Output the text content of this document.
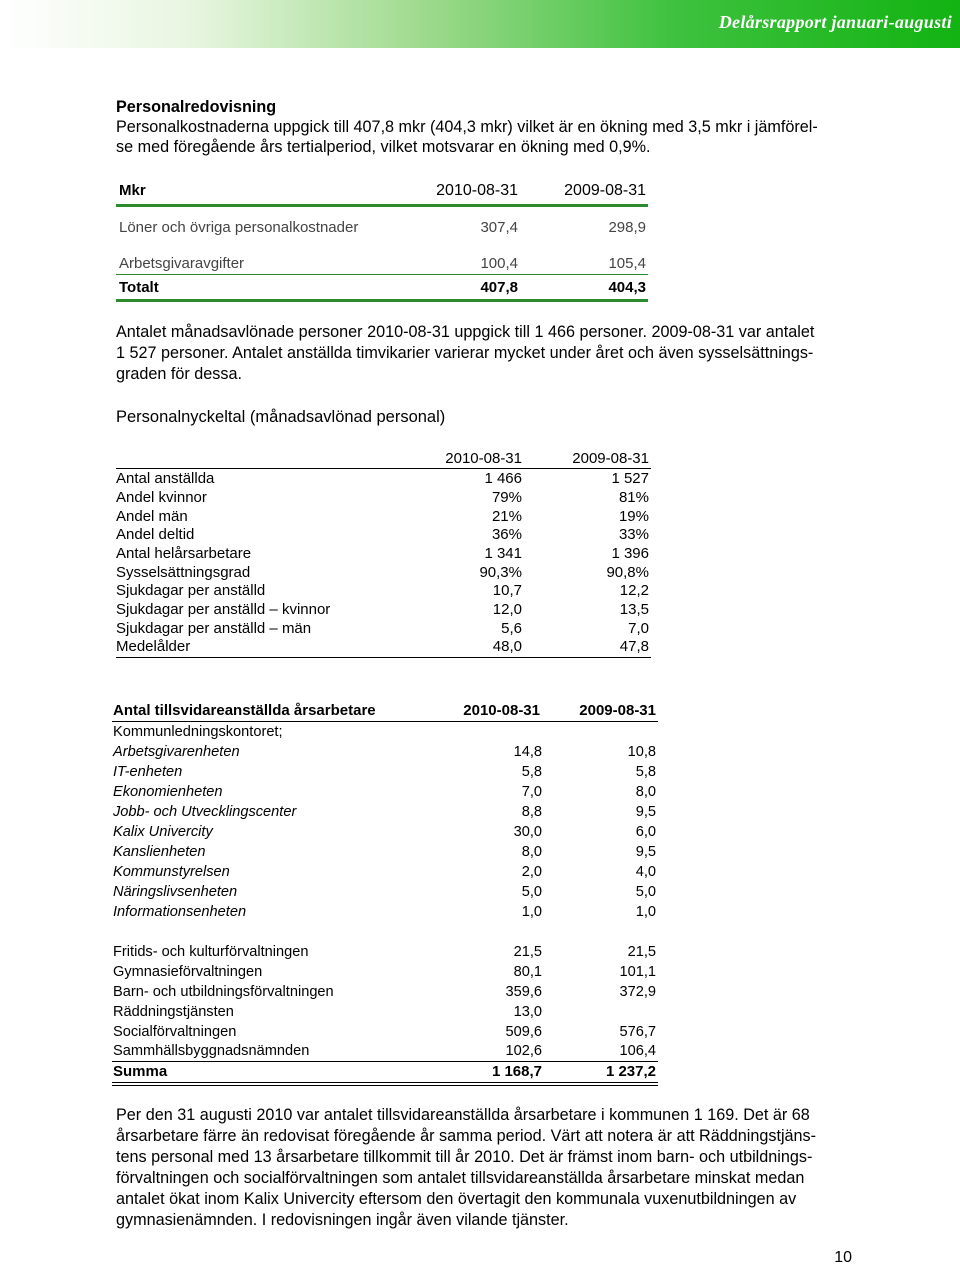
Delårsrapport januari-augusti
Personalredovisning
Personalkostnaderna uppgick till 407,8 mkr (404,3 mkr) vilket är en ökning med 3,5 mkr i jämförel-
se med föregående års tertialperiod, vilket motsvarar en ökning med 0,9%.
Mkr	2010-08-31	2009-08-31
Löner och övriga personalkostnader	307,4	298,9
Arbetsgivaravgifter	100,4	105,4
Totalt	407,8	404,3
Antalet månadsavlönade personer 2010-08-31 uppgick till 1 466 personer. 2009-08-31 var antalet
1 527 personer. Antalet anställda timvikarier varierar mycket under året och även sysselsättnings-
graden för dessa.
Personalnyckeltal (månadsavlönad personal)
2010-08-31	2009-08-31
Antal anställda	1 466	1 527
Andel kvinnor	79%	81%
Andel män	21%	19%
Andel deltid	36%	33%
Antal helårsarbetare	1 341	1 396
Sysselsättningsgrad	90,3%	90,8%
Sjukdagar per anställd	10,7	12,2
Sjukdagar per anställd – kvinnor	12,0	13,5
Sjukdagar per anställd – män	5,6	7,0
Medelålder	48,0	47,8
Antal tillsvidareanställda årsarbetare	2010-08-31	2009-08-31
Kommunledningskontoret;
Arbetsgivarenheten	14,8	10,8
IT-enheten	5,8	5,8
Ekonomienheten	7,0	8,0
Jobb- och Utvecklingscenter	8,8	9,5
Kalix Univercity	30,0	6,0
Kanslienheten	8,0	9,5
Kommunstyrelsen	2,0	4,0
Näringslivsenheten	5,0	5,0
Informationsenheten	1,0	1,0
Fritids- och kulturförvaltningen	21,5	21,5
Gymnasieförvaltningen	80,1	101,1
Barn- och utbildningsförvaltningen	359,6	372,9
Räddningstjänsten	13,0
Socialförvaltningen	509,6	576,7
Sammhällsbyggnadsnämnden	102,6	106,4
Summa	1 168,7	1 237,2
Per den 31 augusti 2010 var antalet tillsvidareanställda årsarbetare i kommunen 1 169. Det är 68
årsarbetare färre än redovisat föregående år samma period. Värt att notera är att Räddningstjäns-
tens personal med 13 årsarbetare tillkommit till år 2010. Det är främst inom barn- och utbildnings-
förvaltningen och socialförvaltningen som antalet tillsvidareanställda årsarbetare minskat medan
antalet ökat inom Kalix Univercity eftersom den övertagit den kommunala vuxenutbildningen av
gymnasienämnden. I redovisningen ingår även vilande tjänster.
10
